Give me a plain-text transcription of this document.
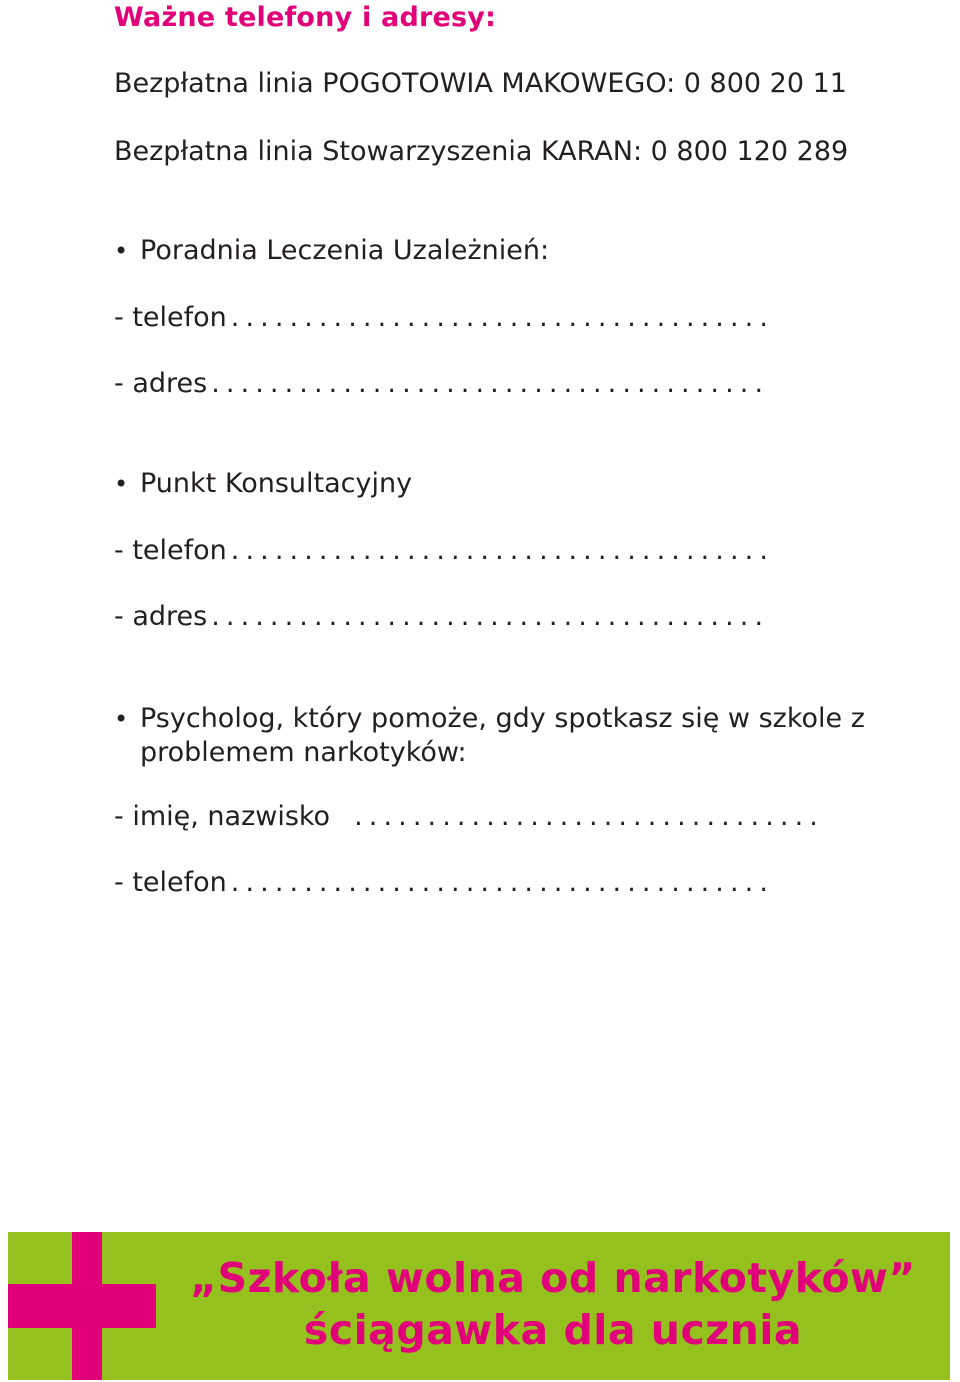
Ważne telefony i adresy:
Bezpłatna linia POGOTOWIA MAKOWEGO: 0 800 20 11
Bezpłatna linia Stowarzyszenia KARAN: 0 800 120 289
• Poradnia Leczenia Uzależnień:
- telefon .....................................
- adres ......................................
• Punkt Konsultacyjny
- telefon .....................................
- adres ......................................
• Psycholog, który pomoże, gdy spotkasz się w szkole z problemem narkotyków:
- imię, nazwisko ................................
- telefon .....................................
„Szkoła wolna od narkotyków”
ściągawka dla ucznia
